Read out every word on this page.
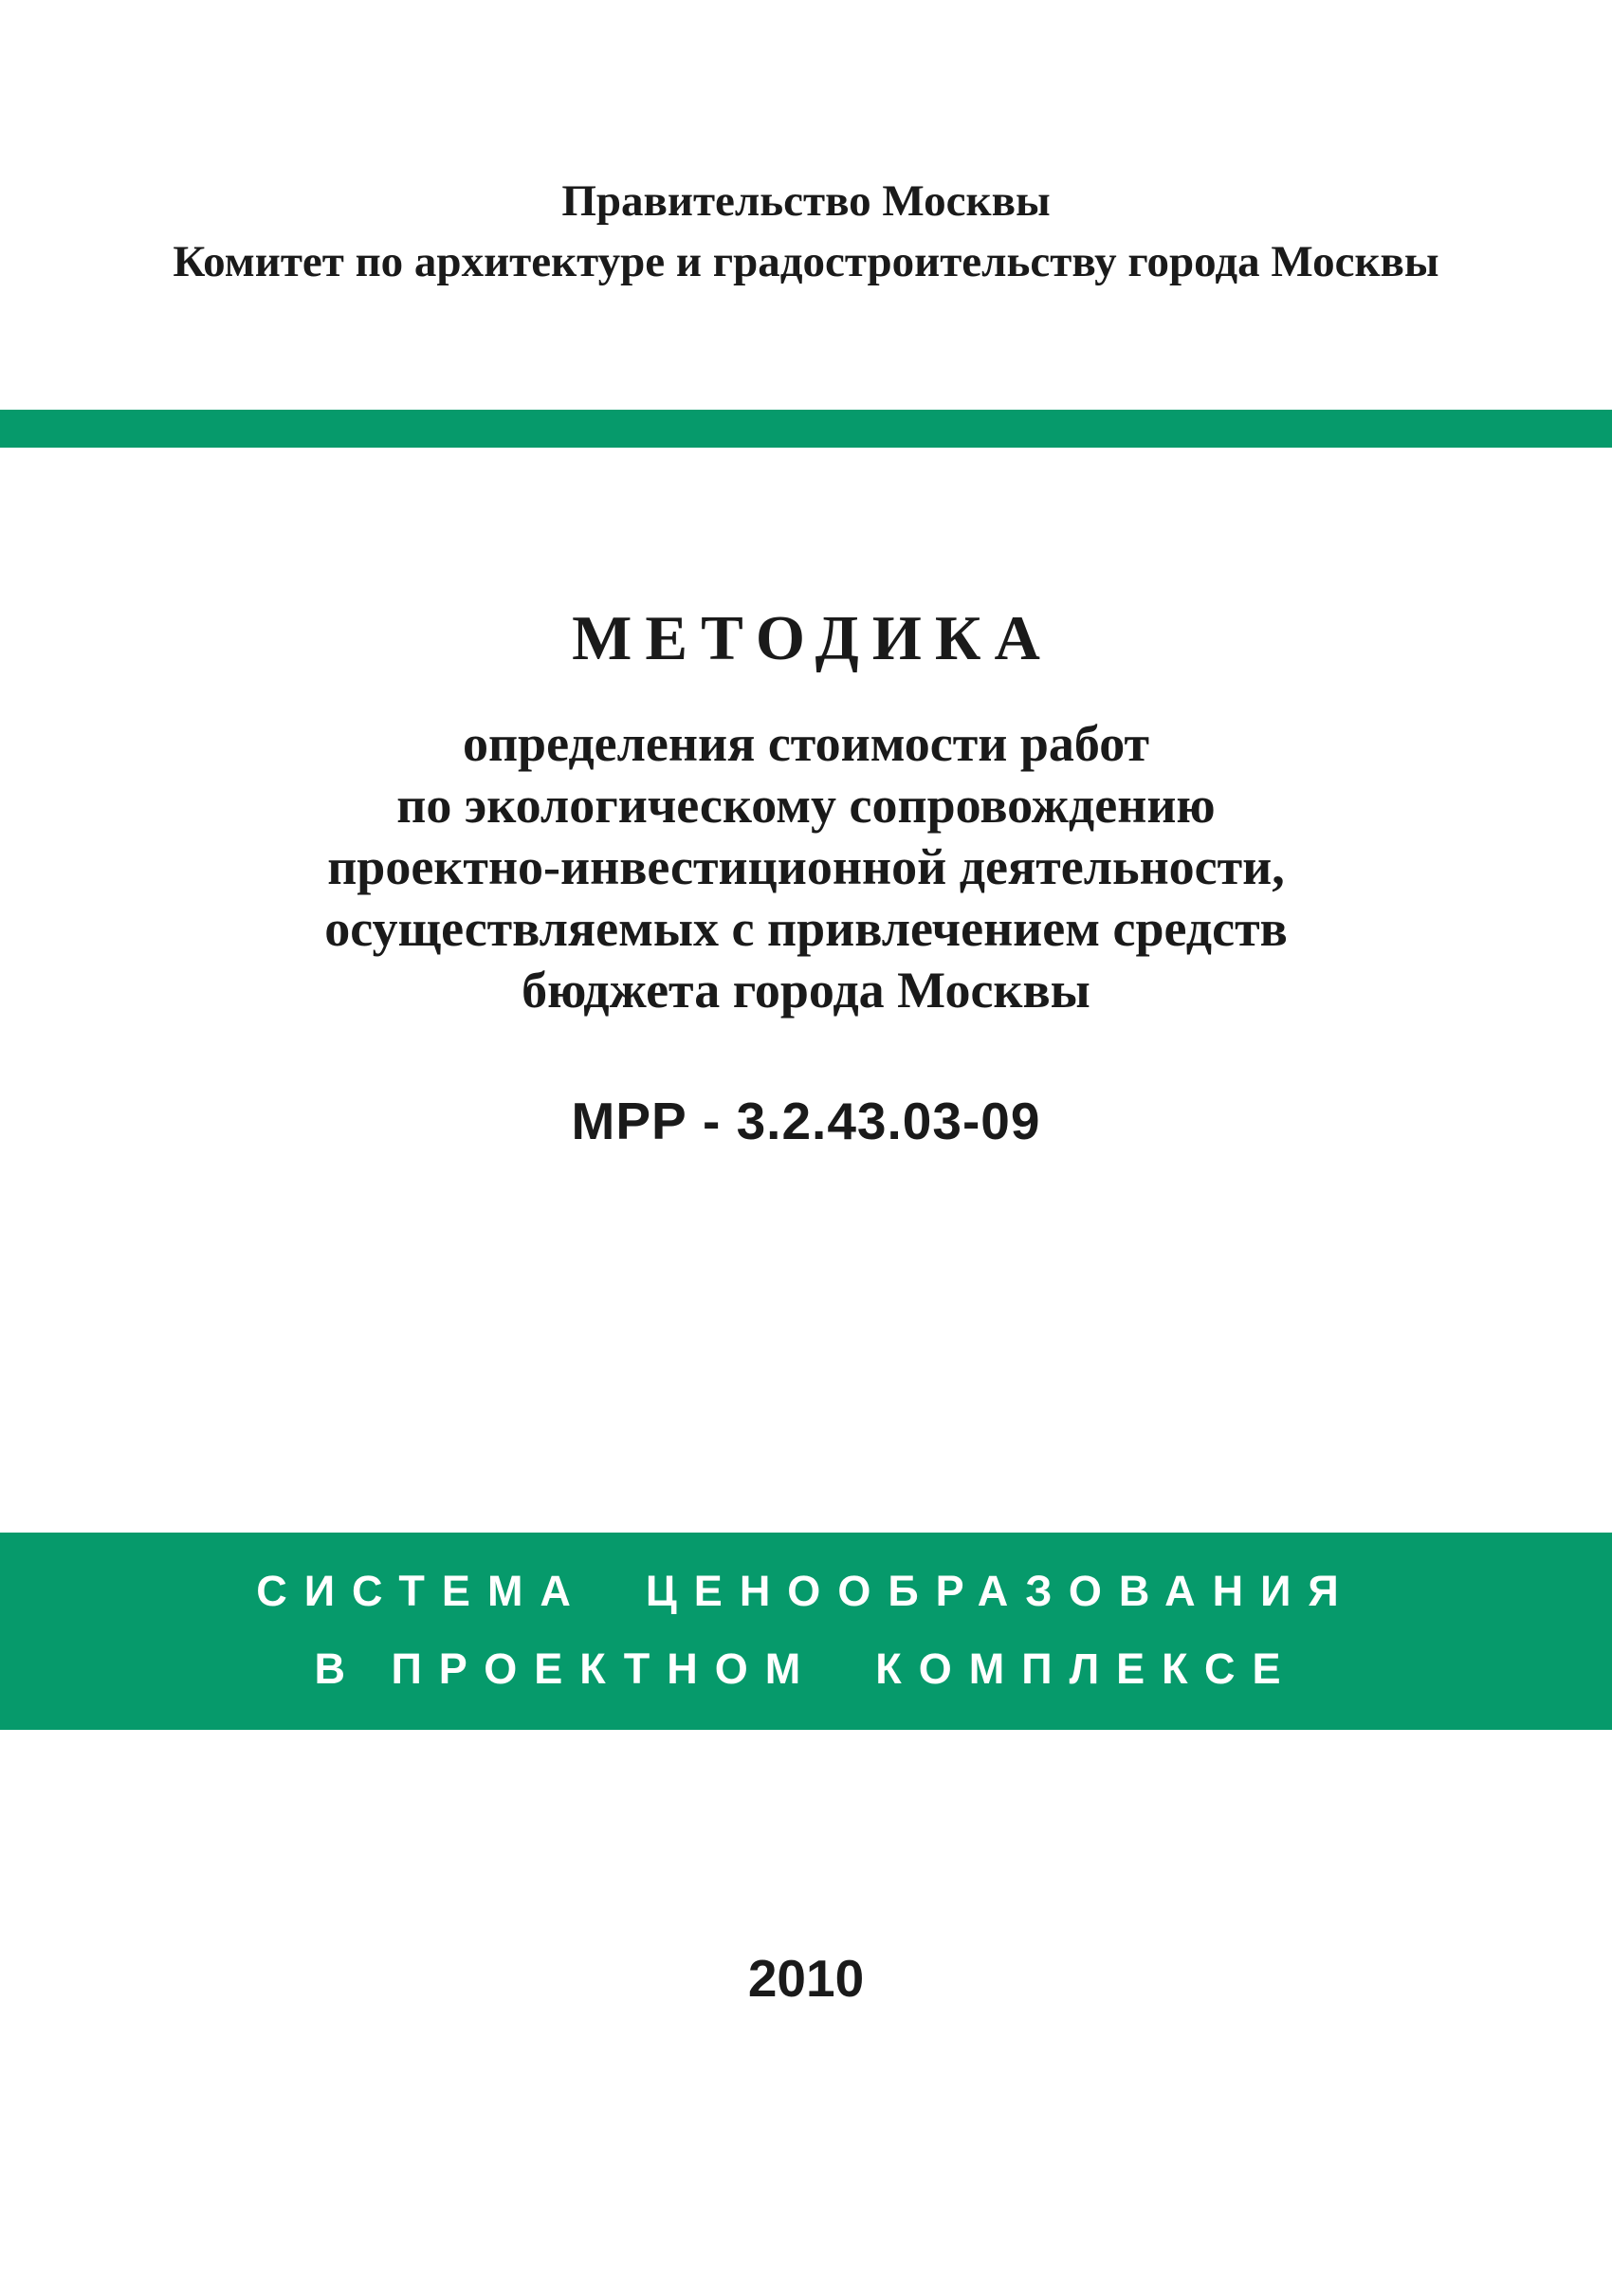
Правительство Москвы
Комитет по архитектуре и градостроительству города Москвы
МЕТОДИКА
определения стоимости работ
по экологическому сопровождению
проектно-инвестиционной деятельности,
осуществляемых с привлечением средств
бюджета города Москвы
МРР - 3.2.43.03-09
СИСТЕМА  ЦЕНООБРАЗОВАНИЯ
В ПРОЕКТНОМ  КОМПЛЕКСЕ
2010
